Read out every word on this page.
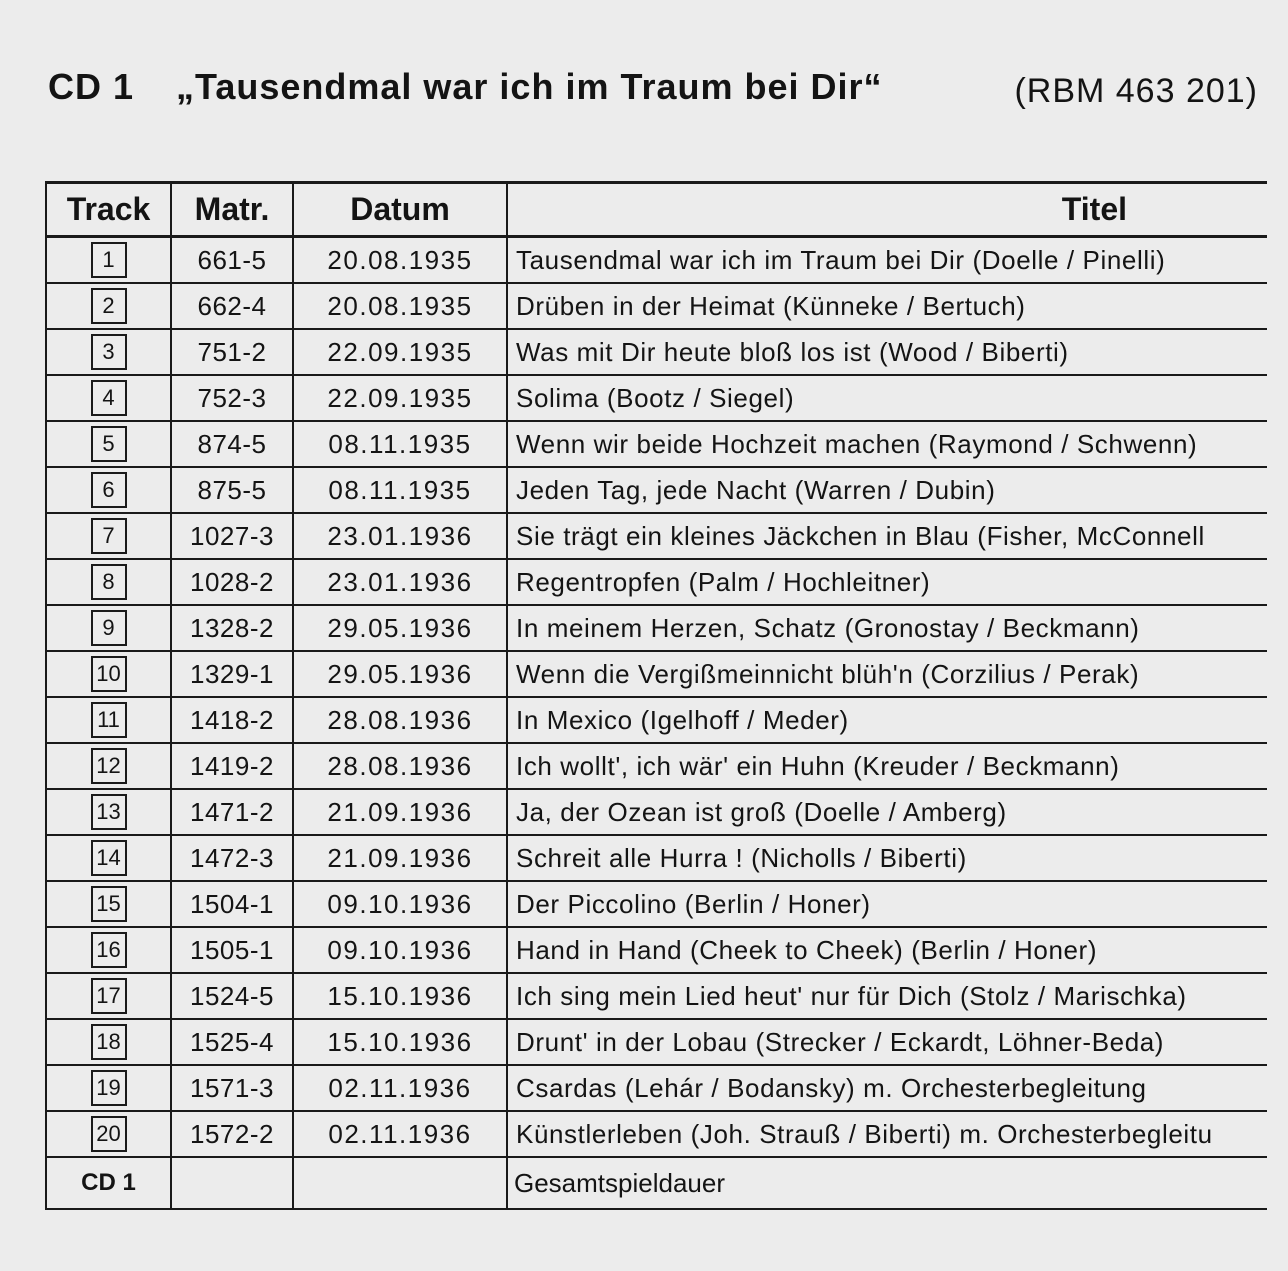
CD 1 „Tausendmal war ich im Traum bei Dir“	(RBM 463 201)
Track	Matr.	Datum	Titel
1	661-5	20.08.1935	Tausendmal war ich im Traum bei Dir (Doelle / Pinelli)
2	662-4	20.08.1935	Drüben in der Heimat (Künneke / Bertuch)
3	751-2	22.09.1935	Was mit Dir heute bloß los ist (Wood / Biberti)
4	752-3	22.09.1935	Solima (Bootz / Siegel)
5	874-5	08.11.1935	Wenn wir beide Hochzeit machen (Raymond / Schwenn)
6	875-5	08.11.1935	Jeden Tag, jede Nacht (Warren / Dubin)
7	1027-3	23.01.1936	Sie trägt ein kleines Jäckchen in Blau (Fisher, McConnell
8	1028-2	23.01.1936	Regentropfen (Palm / Hochleitner)
9	1328-2	29.05.1936	In meinem Herzen, Schatz (Gronostay / Beckmann)
10	1329-1	29.05.1936	Wenn die Vergißmeinnicht blüh'n (Corzilius / Perak)
11	1418-2	28.08.1936	In Mexico (Igelhoff / Meder)
12	1419-2	28.08.1936	Ich wollt', ich wär' ein Huhn (Kreuder / Beckmann)
13	1471-2	21.09.1936	Ja, der Ozean ist groß (Doelle / Amberg)
14	1472-3	21.09.1936	Schreit alle Hurra ! (Nicholls / Biberti)
15	1504-1	09.10.1936	Der Piccolino (Berlin / Honer)
16	1505-1	09.10.1936	Hand in Hand (Cheek to Cheek) (Berlin / Honer)
17	1524-5	15.10.1936	Ich sing mein Lied heut' nur für Dich (Stolz / Marischka)
18	1525-4	15.10.1936	Drunt' in der Lobau (Strecker / Eckardt, Löhner-Beda)
19	1571-3	02.11.1936	Csardas (Lehár / Bodansky) m. Orchesterbegleitung
20	1572-2	02.11.1936	Künstlerleben (Joh. Strauß / Biberti) m. Orchesterbegleitu
CD 1			Gesamtspieldauer
